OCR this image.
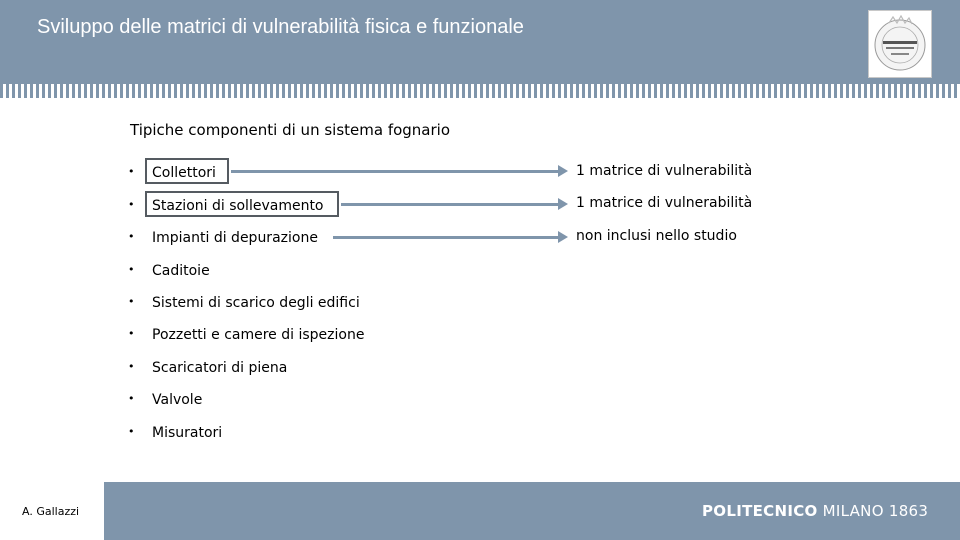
Sviluppo delle matrici di vulnerabilità fisica e funzionale
Tipiche componenti di un sistema fognario
• Collettori
• Stazioni di sollevamento
• Impianti di depurazione
• Caditoie
• Sistemi di scarico degli edifici
• Pozzetti e camere di ispezione
• Scaricatori di piena
• Valvole
• Misuratori
1 matrice di vulnerabilità
1 matrice di vulnerabilità
non inclusi nello studio
A. Gallazzi	POLITECNICO MILANO 1863
